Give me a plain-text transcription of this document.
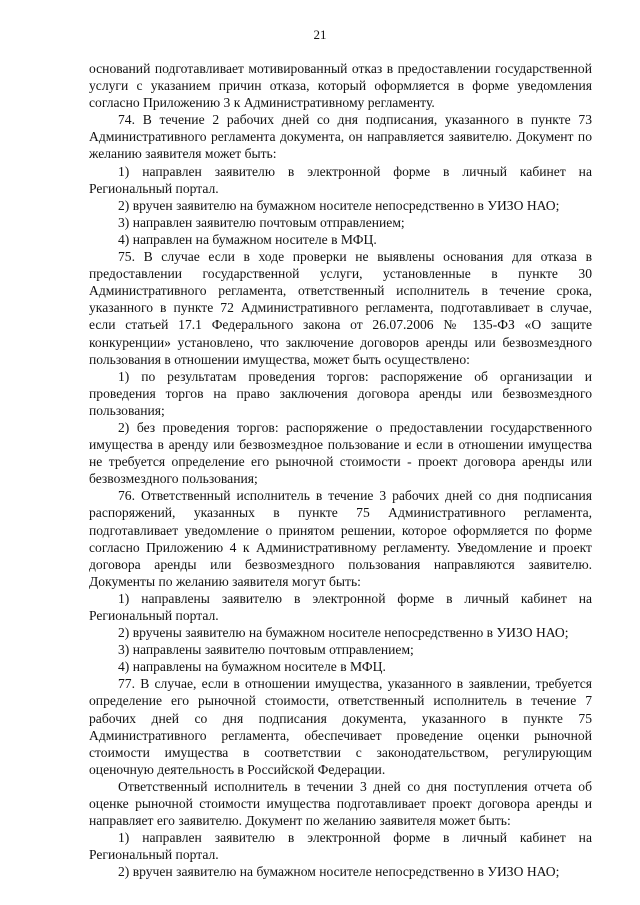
21

оснований подготавливает мотивированный отказ в предоставлении государственной услуги с указанием причин отказа, который оформляется в форме уведомления согласно Приложению 3 к Административному регламенту.

74. В течение 2 рабочих дней со дня подписания, указанного в пункте 73 Административного регламента документа, он направляется заявителю. Документ по желанию заявителя может быть:

1) направлен заявителю в электронной форме в личный кабинет на Региональный портал.

2) вручен заявителю на бумажном носителе непосредственно в УИЗО НАО;

3) направлен заявителю почтовым отправлением;

4) направлен на бумажном носителе в МФЦ.

75. В случае если в ходе проверки не выявлены основания для отказа в предоставлении государственной услуги, установленные в пункте 30 Административного регламента, ответственный исполнитель в течение срока, указанного в пункте 72 Административного регламента, подготавливает в случае, если статьей 17.1 Федерального закона от 26.07.2006 № 135-ФЗ «О защите конкуренции» установлено, что заключение договоров аренды или безвозмездного пользования в отношении имущества, может быть осуществлено:

1) по результатам проведения торгов: распоряжение об организации и проведения торгов на право заключения договора аренды или безвозмездного пользования;

2) без проведения торгов: распоряжение о предоставлении государственного имущества в аренду или безвозмездное пользование и если в отношении имущества не требуется определение его рыночной стоимости - проект договора аренды или безвозмездного пользования;

76. Ответственный исполнитель в течение 3 рабочих дней со дня подписания распоряжений, указанных в пункте 75 Административного регламента, подготавливает уведомление о принятом решении, которое оформляется по форме согласно Приложению 4 к Административному регламенту. Уведомление и проект договора аренды или безвозмездного пользования направляются заявителю. Документы по желанию заявителя могут быть:

1) направлены заявителю в электронной форме в личный кабинет на Региональный портал.

2) вручены заявителю на бумажном носителе непосредственно в УИЗО НАО;

3) направлены заявителю почтовым отправлением;

4) направлены на бумажном носителе в МФЦ.

77. В случае, если в отношении имущества, указанного в заявлении, требуется определение его рыночной стоимости, ответственный исполнитель в течение 7 рабочих дней со дня подписания документа, указанного в пункте 75 Административного регламента, обеспечивает проведение оценки рыночной стоимости имущества в соответствии с законодательством, регулирующим оценочную деятельность в Российской Федерации.

Ответственный исполнитель в течении 3 дней со дня поступления отчета об оценке рыночной стоимости имущества подготавливает проект договора аренды и направляет его заявителю. Документ по желанию заявителя может быть:

1) направлен заявителю в электронной форме в личный кабинет на Региональный портал.

2) вручен заявителю на бумажном носителе непосредственно в УИЗО НАО;
